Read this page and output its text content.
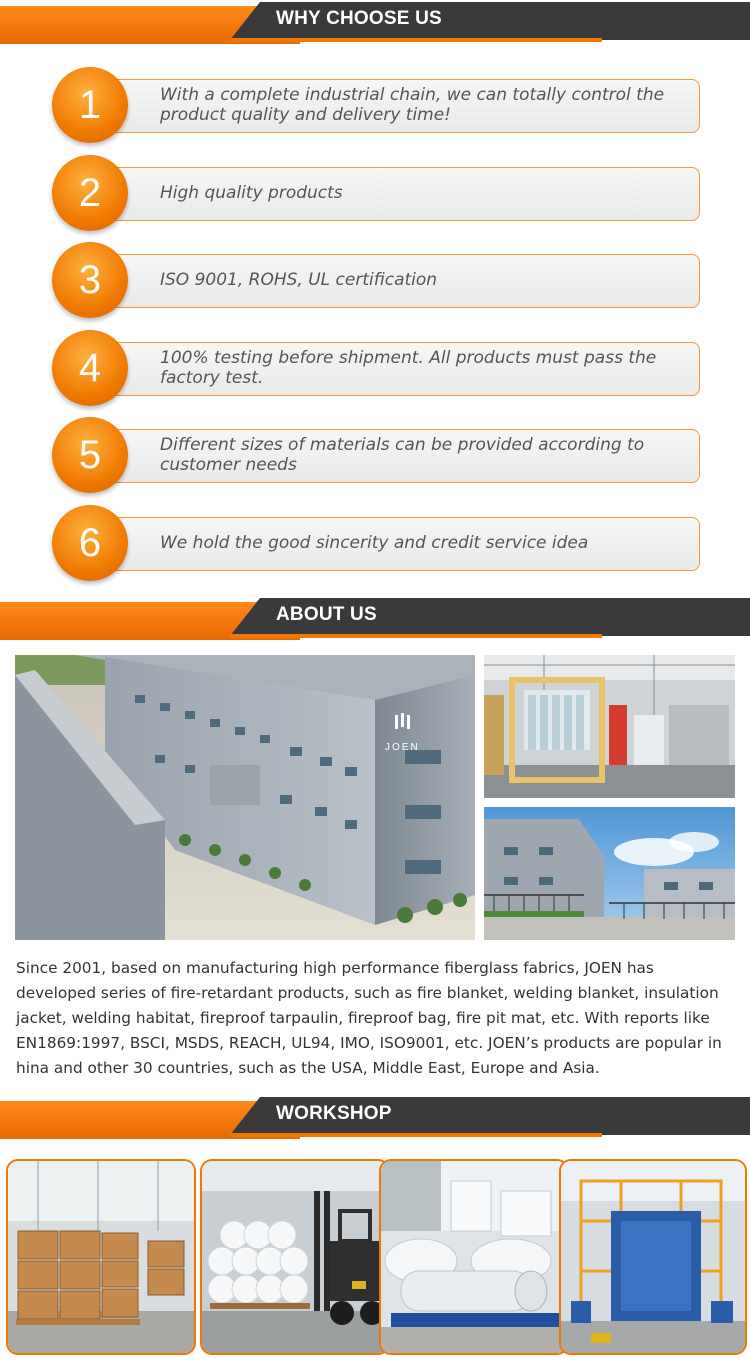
WHY CHOOSE US
1	With a complete industrial chain, we can totally control the product quality and delivery time!
2	High quality products
3	ISO 9001, ROHS, UL certification
4	100% testing before shipment. All products must pass the factory test.
5	Different sizes of materials can be provided according to customer needs
6	We hold the good sincerity and credit service idea
ABOUT US
JOEN
Since 2001, based on manufacturing high performance fiberglass fabrics, JOEN has developed series of fire-retardant products, such as fire blanket, welding blanket, insulation jacket, welding habitat, fireproof tarpaulin, fireproof bag, fire pit mat, etc. With reports like EN1869:1997, BSCI, MSDS, REACH, UL94, IMO, ISO9001, etc. JOEN’s products are popular in hina and other 30 countries, such as the USA, Middle East, Europe and Asia.
WORKSHOP
